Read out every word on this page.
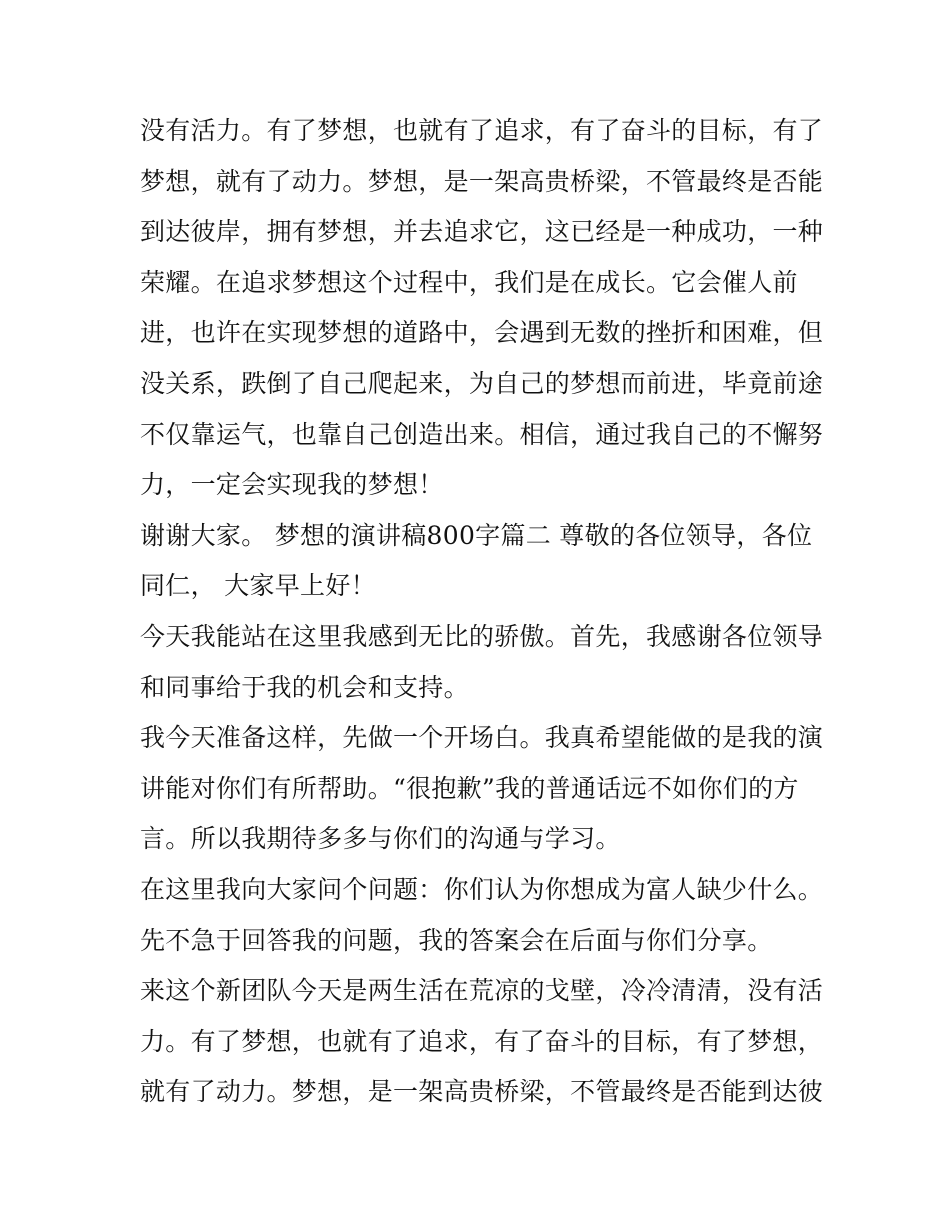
没有活力。有了梦想，也就有了追求，有了奋斗的目标，有了
梦想，就有了动力。梦想，是一架高贵桥梁，不管最终是否能
到达彼岸，拥有梦想，并去追求它，这已经是一种成功，一种
荣耀。在追求梦想这个过程中，我们是在成长。它会催人前
进，也许在实现梦想的道路中，会遇到无数的挫折和困难，但
没关系，跌倒了自己爬起来，为自己的梦想而前进，毕竟前途
不仅靠运气，也靠自己创造出来。相信，通过我自己的不懈努
力，一定会实现我的梦想！
谢谢大家。 梦想的演讲稿800字篇二 尊敬的各位领导，各位
同仁， 大家早上好！
今天我能站在这里我感到无比的骄傲。首先，我感谢各位领导
和同事给于我的机会和支持。
我今天准备这样，先做一个开场白。我真希望能做的是我的演
讲能对你们有所帮助。“很抱歉”我的普通话远不如你们的方
言。所以我期待多多与你们的沟通与学习。
在这里我向大家问个问题：你们认为你想成为富人缺少什么。
先不急于回答我的问题，我的答案会在后面与你们分享。
来这个新团队今天是两生活在荒凉的戈壁，冷冷清清，没有活
力。有了梦想，也就有了追求，有了奋斗的目标，有了梦想，
就有了动力。梦想，是一架高贵桥梁，不管最终是否能到达彼
